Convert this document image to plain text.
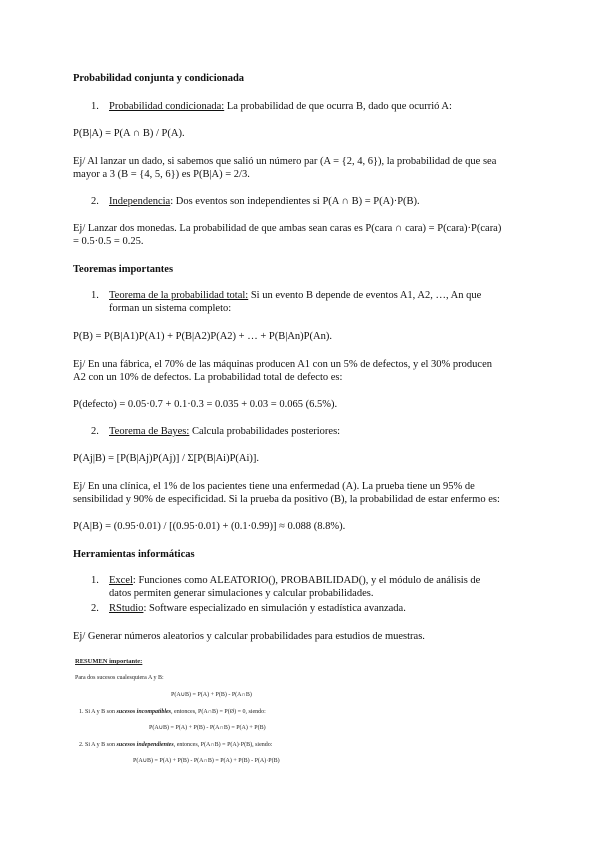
Probabilidad conjunta y condicionada
1. Probabilidad condicionada: La probabilidad de que ocurra B, dado que ocurrió A:
P(B|A) = P(A ∩ B) / P(A).
Ej/ Al lanzar un dado, si sabemos que salió un número par (A = {2, 4, 6}), la probabilidad de que sea
mayor a 3 (B = {4, 5, 6}) es P(B|A) = 2/3.
2. Independencia: Dos eventos son independientes si P(A ∩ B) = P(A)·P(B).
Ej/ Lanzar dos monedas. La probabilidad de que ambas sean caras es P(cara ∩ cara) = P(cara)·P(cara)
= 0.5·0.5 = 0.25.
Teoremas importantes
1. Teorema de la probabilidad total: Si un evento B depende de eventos A1, A2, …, An que
forman un sistema completo:
P(B) = P(B|A1)P(A1) + P(B|A2)P(A2) + … + P(B|An)P(An).
Ej/ En una fábrica, el 70% de las máquinas producen A1 con un 5% de defectos, y el 30% producen
A2 con un 10% de defectos. La probabilidad total de defecto es:
P(defecto) = 0.05·0.7 + 0.1·0.3 = 0.035 + 0.03 = 0.065 (6.5%).
2. Teorema de Bayes: Calcula probabilidades posteriores:
P(Aj|B) = [P(B|Aj)P(Aj)] / Σ[P(B|Ai)P(Ai)].
Ej/ En una clínica, el 1% de los pacientes tiene una enfermedad (A). La prueba tiene un 95% de
sensibilidad y 90% de especificidad. Si la prueba da positivo (B), la probabilidad de estar enfermo es:
P(A|B) = (0.95·0.01) / [(0.95·0.01) + (0.1·0.99)] ≈ 0.088 (8.8%).
Herramientas informáticas
1. Excel: Funciones como ALEATORIO(), PROBABILIDAD(), y el módulo de análisis de
datos permiten generar simulaciones y calcular probabilidades.
2. RStudio: Software especializado en simulación y estadística avanzada.
Ej/ Generar números aleatorios y calcular probabilidades para estudios de muestras.
RESUMEN importante:
Para dos sucesos cualesquiera A y B:
P(A∪B) = P(A) + P(B) - P(A∩B)
1. Si A y B son sucesos incompatibles, entonces, P(A∩B) = P(Ø) = 0, siendo:
P(A∪B) = P(A) + P(B) - P(A∩B) = P(A) + P(B)
2. Si A y B son sucesos independientes, entonces, P(A∩B) = P(A)·P(B), siendo:
P(A∪B) = P(A) + P(B) - P(A∩B) = P(A) + P(B) - P(A)·P(B)
